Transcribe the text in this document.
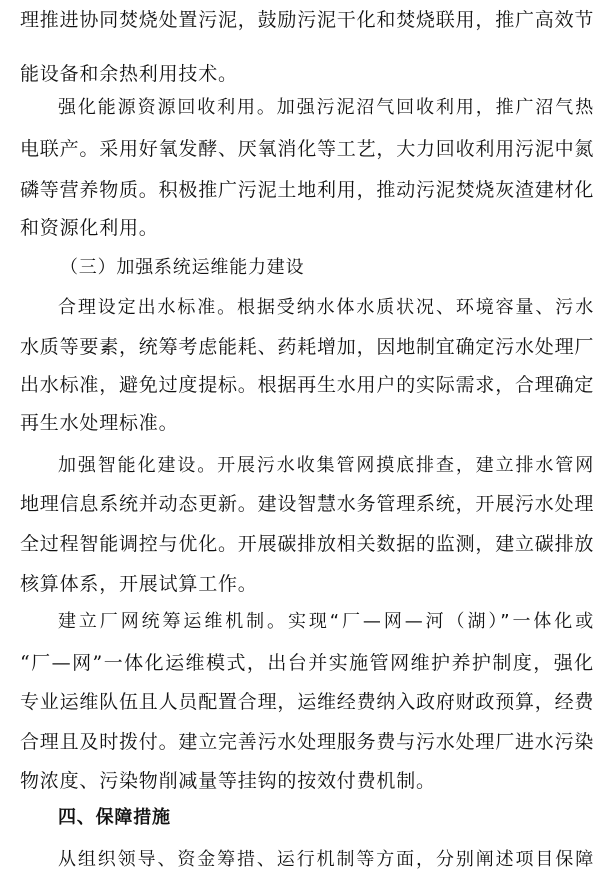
理推进协同焚烧处置污泥，鼓励污泥干化和焚烧联用，推广高效节
能设备和余热利用技术。
强化能源资源回收利用。加强污泥沼气回收利用，推广沼气热
电联产。采用好氧发酵、厌氧消化等工艺，大力回收利用污泥中氮
磷等营养物质。积极推广污泥土地利用，推动污泥焚烧灰渣建材化
和资源化利用。
（三）加强系统运维能力建设
合理设定出水标准。根据受纳水体水质状况、环境容量、污水
水质等要素，统筹考虑能耗、药耗增加，因地制宜确定污水处理厂
出水标准，避免过度提标。根据再生水用户的实际需求，合理确定
再生水处理标准。
加强智能化建设。开展污水收集管网摸底排查，建立排水管网
地理信息系统并动态更新。建设智慧水务管理系统，开展污水处理
全过程智能调控与优化。开展碳排放相关数据的监测，建立碳排放
核算体系，开展试算工作。
建立厂网统筹运维机制。实现“厂—网—河（湖）”一体化或
“厂—网”一体化运维模式，出台并实施管网维护养护制度，强化
专业运维队伍且人员配置合理，运维经费纳入政府财政预算，经费
合理且及时拨付。建立完善污水处理服务费与污水处理厂进水污染
物浓度、污染物削减量等挂钩的按效付费机制。
四、保障措施
从组织领导、资金筹措、运行机制等方面，分别阐述项目保障
